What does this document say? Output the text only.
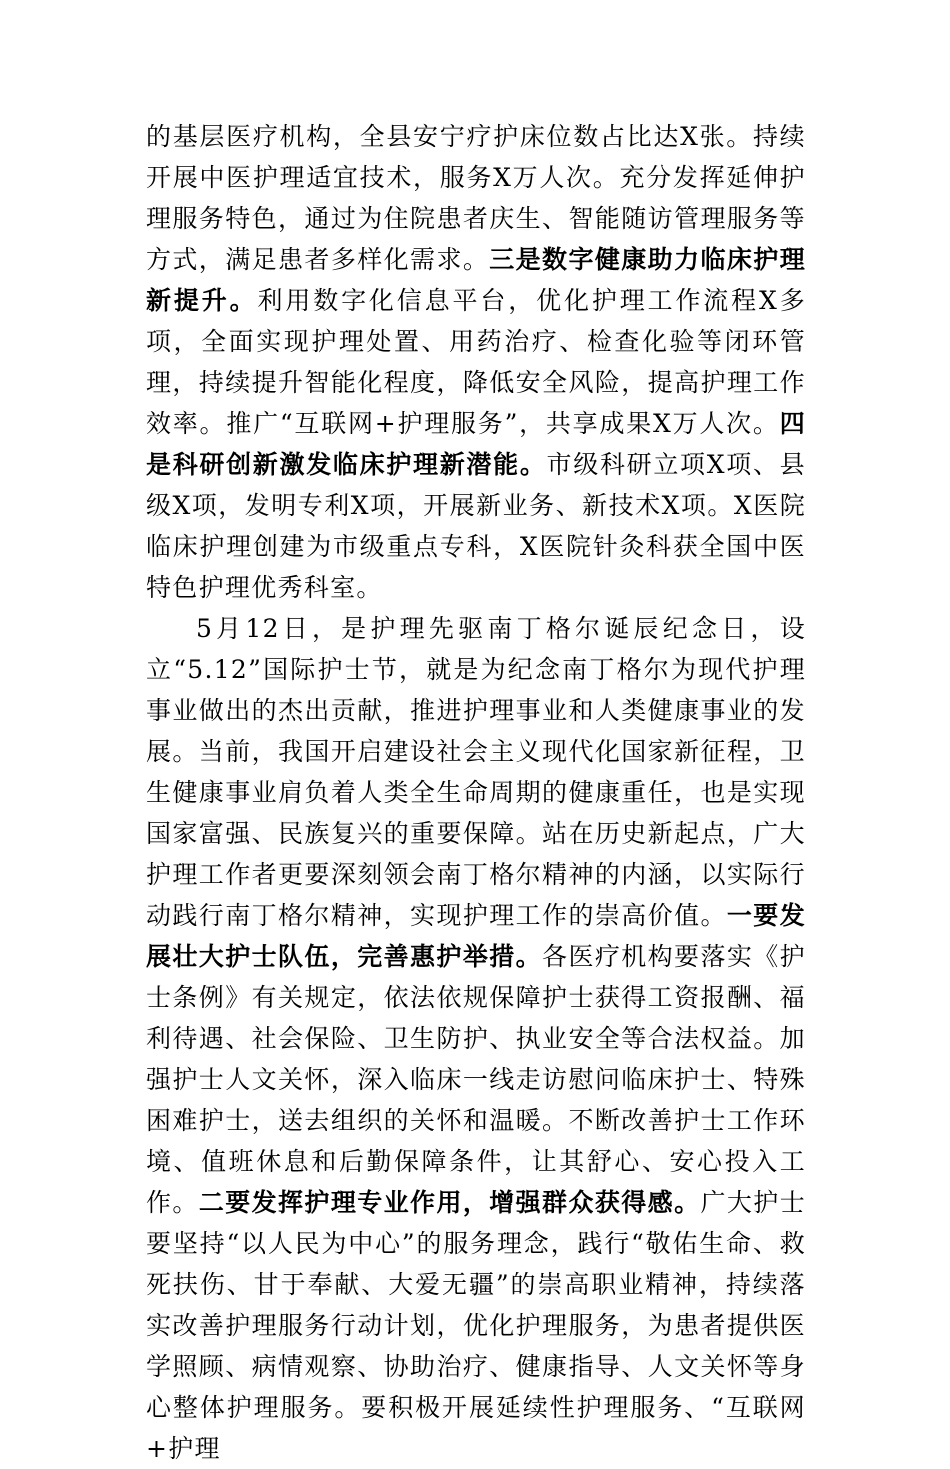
的基层医疗机构，全县安宁疗护床位数占比达X张。持续开展中医护理适宜技术，服务X万人次。充分发挥延伸护理服务特色，通过为住院患者庆生、智能随访管理服务等方式，满足患者多样化需求。三是数字健康助力临床护理新提升。利用数字化信息平台，优化护理工作流程X多项，全面实现护理处置、用药治疗、检查化验等闭环管理，持续提升智能化程度，降低安全风险，提高护理工作效率。推广“互联网+护理服务”，共享成果X万人次。四是科研创新激发临床护理新潜能。市级科研立项X项、县级X项，发明专利X项，开展新业务、新技术X项。X医院临床护理创建为市级重点专科，X医院针灸科获全国中医特色护理优秀科室。

5月12日，是护理先驱南丁格尔诞辰纪念日，设立“5.12”国际护士节，就是为纪念南丁格尔为现代护理事业做出的杰出贡献，推进护理事业和人类健康事业的发展。当前，我国开启建设社会主义现代化国家新征程，卫生健康事业肩负着人类全生命周期的健康重任，也是实现国家富强、民族复兴的重要保障。站在历史新起点，广大护理工作者更要深刻领会南丁格尔精神的内涵，以实际行动践行南丁格尔精神，实现护理工作的崇高价值。一要发展壮大护士队伍，完善惠护举措。各医疗机构要落实《护士条例》有关规定，依法依规保障护士获得工资报酬、福利待遇、社会保险、卫生防护、执业安全等合法权益。加强护士人文关怀，深入临床一线走访慰问临床护士、特殊困难护士，送去组织的关怀和温暖。不断改善护士工作环境、值班休息和后勤保障条件，让其舒心、安心投入工作。二要发挥护理专业作用，增强群众获得感。广大护士要坚持“以人民为中心”的服务理念，践行“敬佑生命、救死扶伤、甘于奉献、大爱无疆”的崇高职业精神，持续落实改善护理服务行动计划，优化护理服务，为患者提供医学照顾、病情观察、协助治疗、健康指导、人文关怀等身心整体护理服务。要积极开展延续性护理服务、“互联网+护理
